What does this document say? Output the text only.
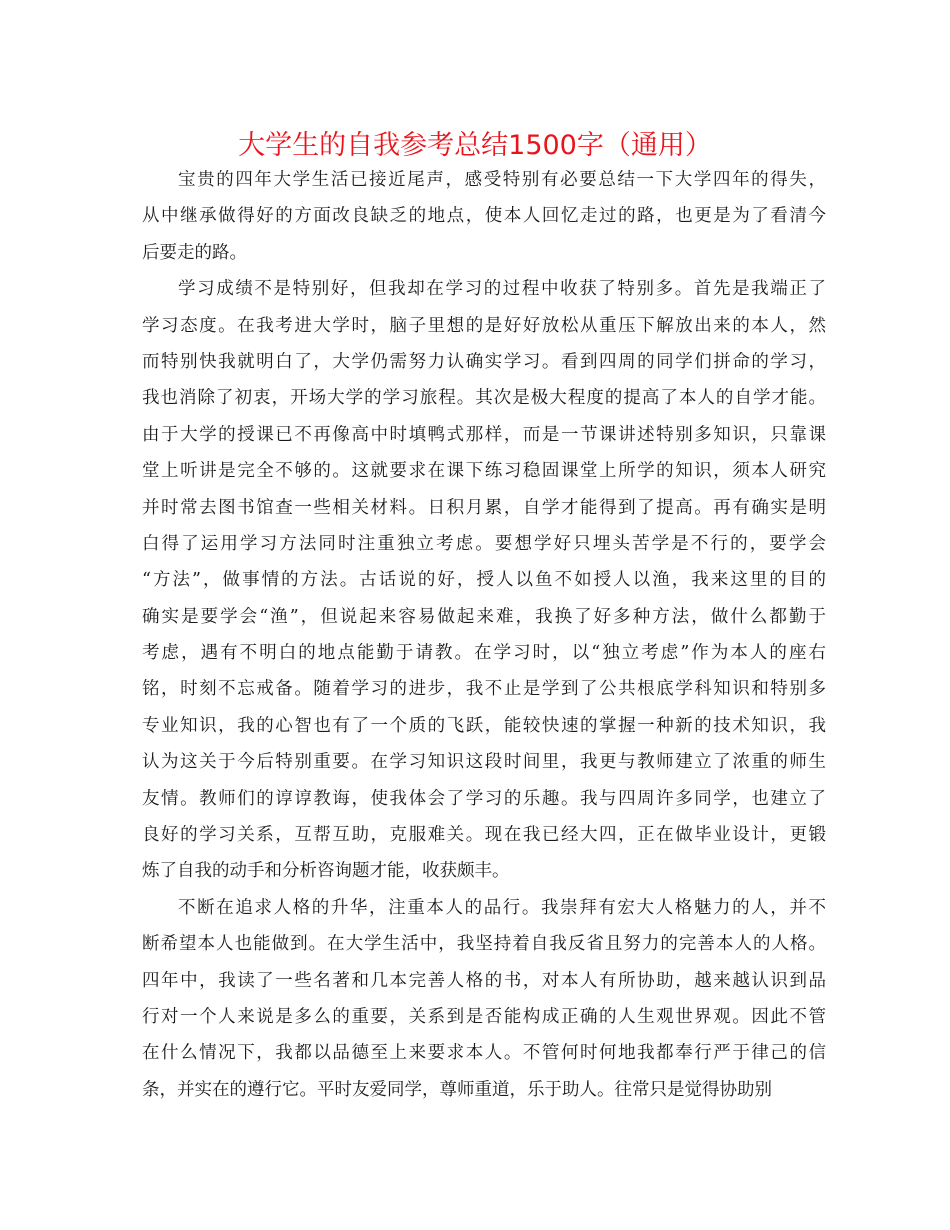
大学生的自我参考总结1500字（通用）
宝贵的四年大学生活已接近尾声，感受特别有必要总结一下大学四年的得失，
从中继承做得好的方面改良缺乏的地点，使本人回忆走过的路，也更是为了看清今
后要走的路。
学习成绩不是特别好，但我却在学习的过程中收获了特别多。首先是我端正了
学习态度。在我考进大学时，脑子里想的是好好放松从重压下解放出来的本人，然
而特别快我就明白了，大学仍需努力认确实学习。看到四周的同学们拼命的学习，
我也消除了初衷，开场大学的学习旅程。其次是极大程度的提高了本人的自学才能。
由于大学的授课已不再像高中时填鸭式那样，而是一节课讲述特别多知识，只靠课
堂上听讲是完全不够的。这就要求在课下练习稳固课堂上所学的知识，须本人研究
并时常去图书馆查一些相关材料。日积月累，自学才能得到了提高。再有确实是明
白得了运用学习方法同时注重独立考虑。要想学好只埋头苦学是不行的，要学会
“方法”，做事情的方法。古话说的好，授人以鱼不如授人以渔，我来这里的目的
确实是要学会“渔”，但说起来容易做起来难，我换了好多种方法，做什么都勤于
考虑，遇有不明白的地点能勤于请教。在学习时，以“独立考虑”作为本人的座右
铭，时刻不忘戒备。随着学习的进步，我不止是学到了公共根底学科知识和特别多
专业知识，我的心智也有了一个质的飞跃，能较快速的掌握一种新的技术知识，我
认为这关于今后特别重要。在学习知识这段时间里，我更与教师建立了浓重的师生
友情。教师们的谆谆教诲，使我体会了学习的乐趣。我与四周许多同学，也建立了
良好的学习关系，互帮互助，克服难关。现在我已经大四，正在做毕业设计，更锻
炼了自我的动手和分析咨询题才能，收获颇丰。
不断在追求人格的升华，注重本人的品行。我崇拜有宏大人格魅力的人，并不
断希望本人也能做到。在大学生活中，我坚持着自我反省且努力的完善本人的人格。
四年中，我读了一些名著和几本完善人格的书，对本人有所协助，越来越认识到品
行对一个人来说是多么的重要，关系到是否能构成正确的人生观世界观。因此不管
在什么情况下，我都以品德至上来要求本人。不管何时何地我都奉行严于律己的信
条，并实在的遵行它。平时友爱同学，尊师重道，乐于助人。往常只是觉得协助别
